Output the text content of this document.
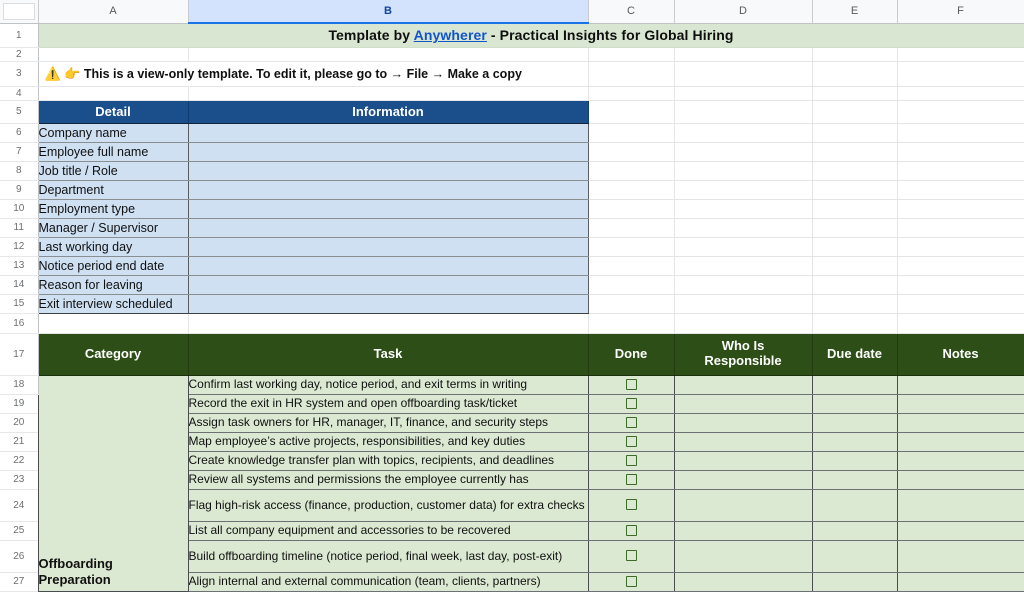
	A	B	C	D	E	F
1	Template by Anywherer - Practical Insights for Global Hiring					

2						
3	⚠️ 👉 This is a view-only template. To edit it, please go to → File → Make a copy					

4						
5	Detail	Information				
6	Company name					
7	Employee full name					
8	Job title / Role					
9	Department					
10	Employment type					
11	Manager / Supervisor					
12	Last working day					
13	Notice period end date					
14	Reason for leaving					
15	Exit interview scheduled					
16						
17	Category	Task	Done	Who Is
Responsible	Due date	Notes
18	Offboarding
Preparation	Confirm last working day, notice period, and exit terms in writing				
19		Record the exit in HR system and open offboarding task/ticket				
20		Assign task owners for HR, manager, IT, finance, and security steps				
21		Map employee’s active projects, responsibilities, and key duties				
22		Create knowledge transfer plan with topics, recipients, and deadlines				
23		Review all systems and permissions the employee currently has				
24		Flag high-risk access (finance, production, customer data) for extra checks				
25		List all company equipment and accessories to be recovered				
26		Build offboarding timeline (notice period, final week, last day, post-exit)				
27		Align internal and external communication (team, clients, partners)				
